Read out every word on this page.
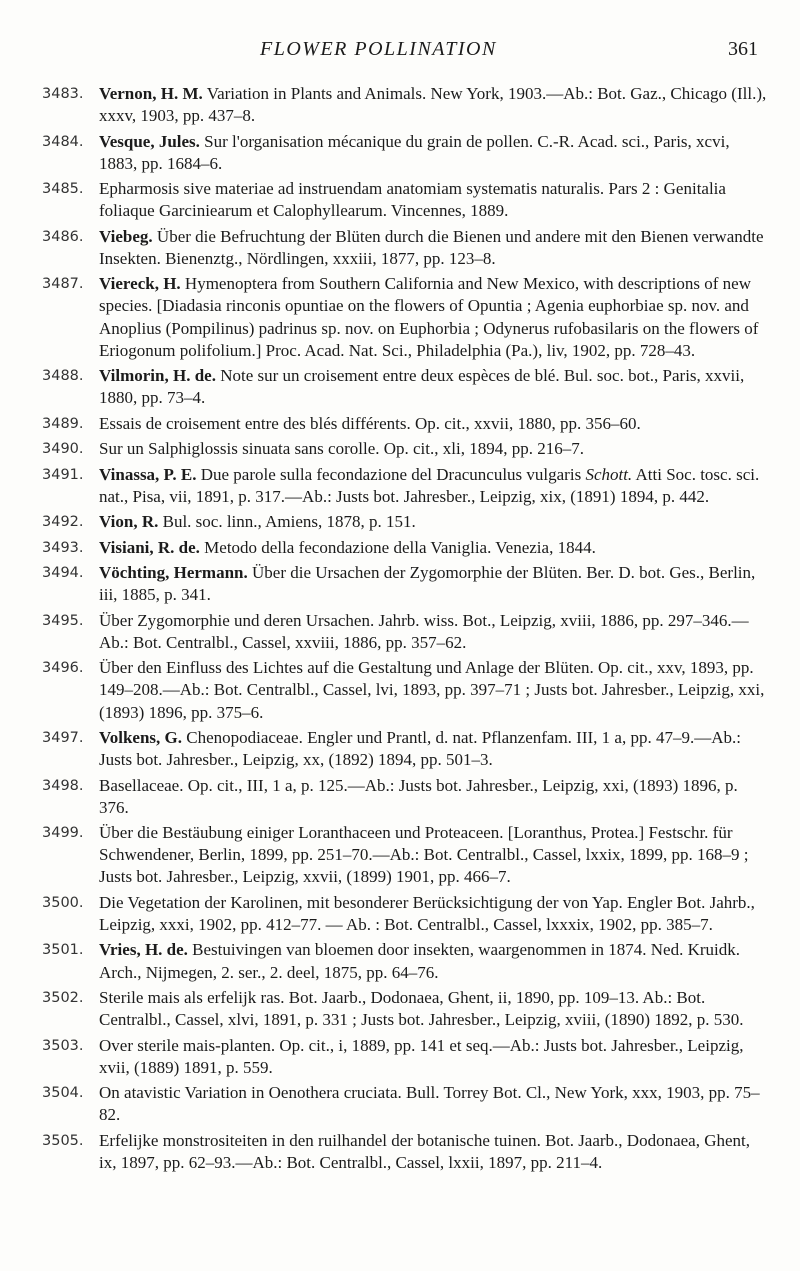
FLOWER POLLINATION	361
3483. Vernon, H. M. Variation in Plants and Animals. New York, 1903.—Ab.: Bot. Gaz., Chicago (Ill.), xxxv, 1903, pp. 437–8.
3484. Vesque, Jules. Sur l'organisation mécanique du grain de pollen. C.-R. Acad. sci., Paris, xcvi, 1883, pp. 1684–6.
3485. Epharmosis sive materiae ad instruendam anatomiam systematis naturalis. Pars 2 : Genitalia foliaque Garciniearum et Calophyllearum. Vincennes, 1889.
3486. Viebeg. Über die Befruchtung der Blüten durch die Bienen und andere mit den Bienen verwandte Insekten. Bienenztg., Nördlingen, xxxiii, 1877, pp. 123–8.
3487. Viereck, H. Hymenoptera from Southern California and New Mexico, with descriptions of new species. [Diadasia rinconis opuntiae on the flowers of Opuntia ; Agenia euphorbiae sp. nov. and Anoplius (Pompilinus) padrinus sp. nov. on Euphorbia ; Odynerus rufobasilaris on the flowers of Eriogonum polifolium.] Proc. Acad. Nat. Sci., Philadelphia (Pa.), liv, 1902, pp. 728–43.
3488. Vilmorin, H. de. Note sur un croisement entre deux espèces de blé. Bul. soc. bot., Paris, xxvii, 1880, pp. 73–4.
3489. Essais de croisement entre des blés différents. Op. cit., xxvii, 1880, pp. 356–60.
3490. Sur un Salphiglossis sinuata sans corolle. Op. cit., xli, 1894, pp. 216–7.
3491. Vinassa, P. E. Due parole sulla fecondazione del Dracunculus vulgaris Schott. Atti Soc. tosc. sci. nat., Pisa, vii, 1891, p. 317.—Ab.: Justs bot. Jahresber., Leipzig, xix, (1891) 1894, p. 442.
3492. Vion, R. Bul. soc. linn., Amiens, 1878, p. 151.
3493. Visiani, R. de. Metodo della fecondazione della Vaniglia. Venezia, 1844.
3494. Vöchting, Hermann. Über die Ursachen der Zygomorphie der Blüten. Ber. D. bot. Ges., Berlin, iii, 1885, p. 341.
3495. Über Zygomorphie und deren Ursachen. Jahrb. wiss. Bot., Leipzig, xviii, 1886, pp. 297–346.—Ab.: Bot. Centralbl., Cassel, xxviii, 1886, pp. 357–62.
3496. Über den Einfluss des Lichtes auf die Gestaltung und Anlage der Blüten. Op. cit., xxv, 1893, pp. 149–208.—Ab.: Bot. Centralbl., Cassel, lvi, 1893, pp. 397–71 ; Justs bot. Jahresber., Leipzig, xxi, (1893) 1896, pp. 375–6.
3497. Volkens, G. Chenopodiaceae. Engler und Prantl, d. nat. Pflanzenfam. III, 1 a, pp. 47–9.—Ab.: Justs bot. Jahresber., Leipzig, xx, (1892) 1894, pp. 501–3.
3498. Basellaceae. Op. cit., III, 1 a, p. 125.—Ab.: Justs bot. Jahresber., Leipzig, xxi, (1893) 1896, p. 376.
3499. Über die Bestäubung einiger Loranthaceen und Proteaceen. [Loranthus, Protea.] Festschr. für Schwendener, Berlin, 1899, pp. 251–70.—Ab.: Bot. Centralbl., Cassel, lxxix, 1899, pp. 168–9 ; Justs bot. Jahresber., Leipzig, xxvii, (1899) 1901, pp. 466–7.
3500. Die Vegetation der Karolinen, mit besonderer Berücksichtigung der von Yap. Engler Bot. Jahrb., Leipzig, xxxi, 1902, pp. 412–77. — Ab. : Bot. Centralbl., Cassel, lxxxix, 1902, pp. 385–7.
3501. Vries, H. de. Bestuivingen van bloemen door insekten, waargenommen in 1874. Ned. Kruidk. Arch., Nijmegen, 2. ser., 2. deel, 1875, pp. 64–76.
3502. Sterile mais als erfelijk ras. Bot. Jaarb., Dodonaea, Ghent, ii, 1890, pp. 109–13. Ab.: Bot. Centralbl., Cassel, xlvi, 1891, p. 331 ; Justs bot. Jahresber., Leipzig, xviii, (1890) 1892, p. 530.
3503. Over sterile mais-planten. Op. cit., i, 1889, pp. 141 et seq.—Ab.: Justs bot. Jahresber., Leipzig, xvii, (1889) 1891, p. 559.
3504. On atavistic Variation in Oenothera cruciata. Bull. Torrey Bot. Cl., New York, xxx, 1903, pp. 75–82.
3505. Erfelijke monstrositeiten in den ruilhandel der botanische tuinen. Bot. Jaarb., Dodonaea, Ghent, ix, 1897, pp. 62–93.—Ab.: Bot. Centralbl., Cassel, lxxii, 1897, pp. 211–4.
